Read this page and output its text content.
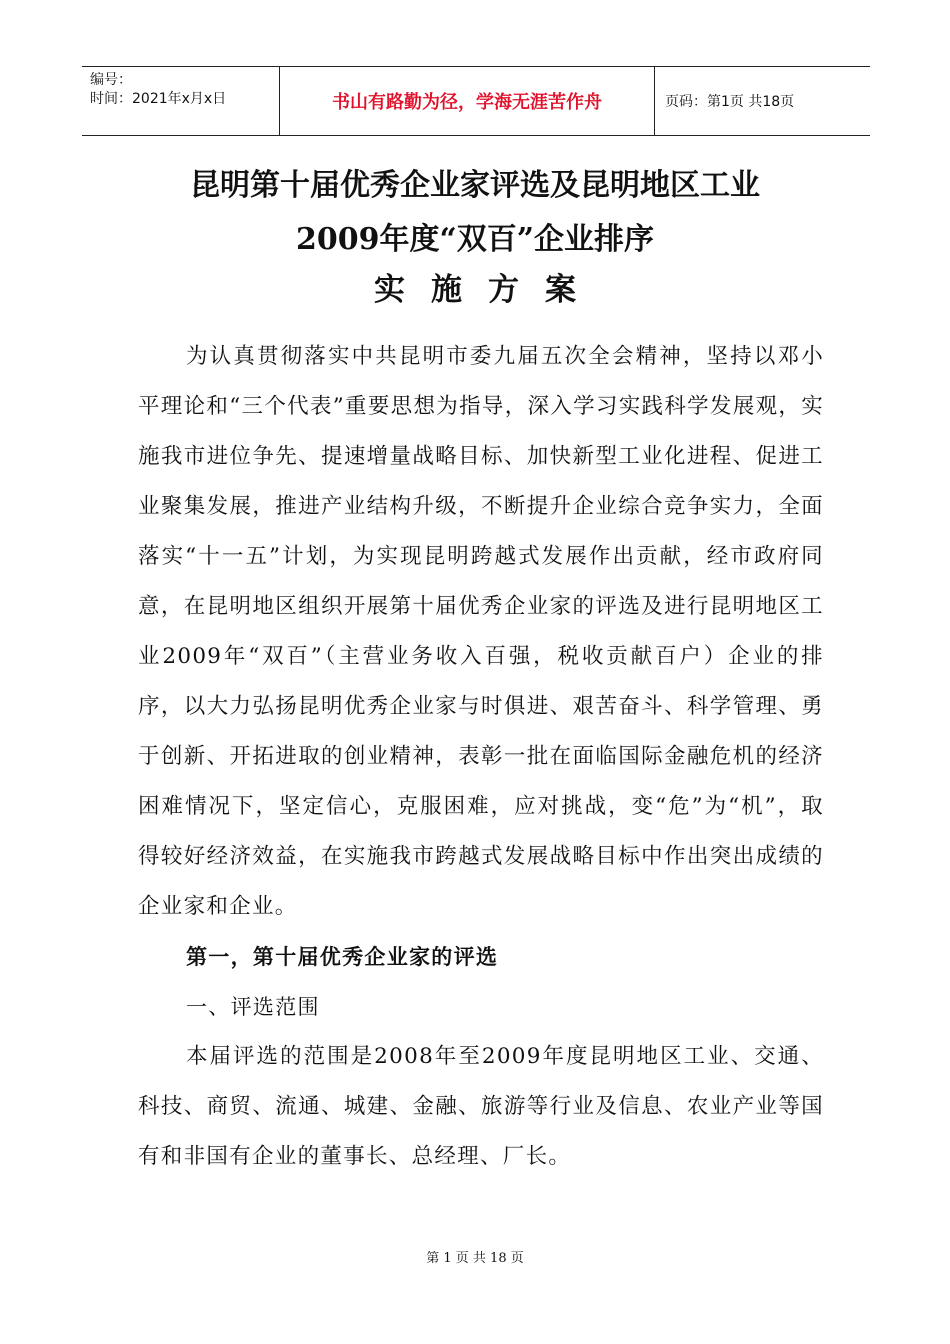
编号：
时间：2021年x月x日	书山有路勤为径，学海无涯苦作舟	页码：第1页 共18页
昆明第十届优秀企业家评选及昆明地区工业
2009年度“双百”企业排序
实施方案

为认真贯彻落实中共昆明市委九届五次全会精神，坚持以邓小平理论和“三个代表”重要思想为指导，深入学习实践科学发展观，实施我市进位争先、提速增量战略目标、加快新型工业化进程、促进工业聚集发展，推进产业结构升级，不断提升企业综合竞争实力，全面落实“十一五”计划，为实现昆明跨越式发展作出贡献，经市政府同意，在昆明地区组织开展第十届优秀企业家的评选及进行昆明地区工业2009年“双百”（主营业务收入百强，税收贡献百户）企业的排序，以大力弘扬昆明优秀企业家与时俱进、艰苦奋斗、科学管理、勇于创新、开拓进取的创业精神，表彰一批在面临国际金融危机的经济困难情况下，坚定信心，克服困难，应对挑战，变“危”为“机”，取得较好经济效益，在实施我市跨越式发展战略目标中作出突出成绩的企业家和企业。

第一，第十届优秀企业家的评选

一、评选范围

本届评选的范围是2008年至2009年度昆明地区工业、交通、科技、商贸、流通、城建、金融、旅游等行业及信息、农业产业等国有和非国有企业的董事长、总经理、厂长。

第 1 页 共 18 页
